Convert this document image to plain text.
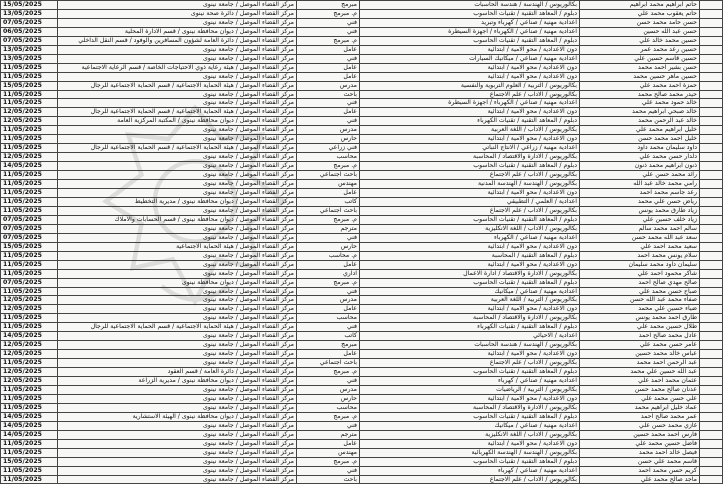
	حاتم ابراهيم محمد ابراهيم	بكالوريوس / الهندسة / هندسة الحاسبات	مبرمج	مركز القضاء الموصل / جامعة نينوى	15/05/2025
	حاتم يعقوب محمد علي	دبلوم / المعاهد التقنية / تقنيات الحاسوب	م. مبرمج	مركز القضاء الموصل / دائرة صحة نينوى	13/05/2025
	حسن حامد محمد حسن	اعدادية مهنية / صناعي / كهرباء وتبريد	فني	مركز القضاء الموصل / جامعة نينوى	07/05/2025
	حسن عبد الله حسين	اعدادية مهنية / صناعي / الكهرباء / اجهزة السيطرة	فني	مركز القضاء الموصل / ديوان محافظة نينوى / قسم الادارة المحلية	06/05/2025
	حسين محمد خالد علي	دبلوم / المعاهد التقنية / تقنيات الحاسوب	م. مبرمج	مركز القضاء الموصل / دائرة العامة لشؤون المسافرين والوفود / قسم النقل الداخلي	07/05/2025
	حسين رعد محمد عمر	دون الاعدادية / محو الامية / ابتدائية	عامل	مركز القضاء الموصل / جامعة نينوى	13/05/2025
	حسين قاسم حسين علي	اعدادية مهنية / صناعي / ميكانيك السيارات	فني	مركز القضاء الموصل / جامعة نينوى	13/05/2025
	حسن بشير احمد محمد	دون الاعدادية / محو الامية / ابتدائية	عامل	مركز القضاء الموصل / هيئة رعاية ذوي الاحتياجات الخاصة / قسم الرعاية الاجتماعية	11/05/2025
	حسين ماهر حسين محمد	دون الاعدادية / محو الامية / ابتدائية	عامل	مركز القضاء الموصل / جامعة نينوى	11/05/2025
	حمزة احمد محمد علي	بكالوريوس / التربية / العلوم التربوية والنفسية	مدرس	مركز القضاء الموصل / هيئة الحماية الاجتماعية / قسم الحماية الاجتماعية للرجال	15/05/2025
	حيدر محمد صالح محمد	بكالوريوس / الاداب / علم الاجتماع	باحث	مركز القضاء الموصل / جامعة نينوى	11/05/2025
	خالد حمود محمد علي	اعدادية مهنية / صناعي / الكهرباء / اجهزة السيطرة	فني	مركز القضاء الموصل / جامعة نينوى	11/05/2025
	خالد صبحي ابراهيم محمد	دون الاعدادية / محو الامية / ابتدائية	عامل	مركز القضاء الموصل / هيئة الحماية الاجتماعية / قسم الحماية الاجتماعية للرجال	12/05/2025
	خالد عبد الرحمن محمد	دبلوم / المعاهد التقنية / تقنيات الكهرباء	فني	مركز القضاء الموصل / ديوان محافظة نينوى / المكتبة المركزية العامة	12/05/2025
	خليل ابراهيم محمد علي	بكالوريوس / الاداب / اللغة العربية	مدرس	مركز القضاء الموصل / جامعة نينوى	11/05/2025
	خليل احمد محمد حسن	دون الاعدادية / محو الامية / ابتدائية	حارس	مركز القضاء الموصل / جامعة نينوى	11/05/2025
	داود سليمان محمد داود	اعدادية مهنية / زراعي / الانتاج النباتي	فني زراعي	مركز القضاء الموصل / هيئة الحماية الاجتماعية / قسم الحماية الاجتماعية للرجال	11/05/2025
	دلدار حسن محمد علي	بكالوريوس / الادارة والاقتصاد / المحاسبة	محاسب	مركز القضاء الموصل / جامعة نينوى	12/05/2025
	ذنون ابراهيم محمد ذنون	دبلوم / المعاهد التقنية / تقنيات الحاسوب	م. مبرمج	مركز القضاء الموصل / جامعة نينوى	14/05/2025
	رائد محمد حسن علي	بكالوريوس / الاداب / علم الاجتماع	باحث اجتماعي	مركز القضاء الموصل / جامعة نينوى	11/05/2025
	رامي محمد خالد عبد الله	بكالوريوس / الهندسة / الهندسة المدنية	مهندس	مركز القضاء الموصل / جامعة نينوى	11/05/2025
	رعد جاسم محمد احمد	دون الاعدادية / محو الامية / ابتدائية	عامل	مركز القضاء الموصل / جامعة نينوى	11/05/2025
	رياض حسن علي محمد	اعدادية / العلمي / التطبيقي	كاتب	مركز القضاء الموصل / ديوان محافظة نينوى / مديرية التخطيط	11/05/2025
	زياد طارق محمد يونس	بكالوريوس / الاداب / علم الاجتماع	باحث اجتماعي	مركز القضاء الموصل / جامعة نينوى	11/05/2025
	زياد خلف حسين علي	دبلوم / المعاهد التقنية / تقنيات الحاسوب	م. مبرمج	مركز القضاء الموصل / ديوان محافظة نينوى / قسم الحسابات والاملاك	07/05/2025
	سالم احمد محمد سالم	بكالوريوس / الاداب / اللغة الانكليزية	مترجم	مركز القضاء الموصل / جامعة نينوى	07/05/2025
	سعد عبد الله محمد حسن	اعدادية مهنية / صناعي / الكهرباء	فني	مركز القضاء الموصل / جامعة نينوى	07/05/2025
	سعيد محمد احمد علي	دون الاعدادية / محو الامية / ابتدائية	حارس	مركز القضاء الموصل / هيئة الحماية الاجتماعية	15/05/2025
	سلام يونس محمد احمد	دبلوم / المعاهد التقنية / المحاسبة	م. محاسب	مركز القضاء الموصل / جامعة نينوى	11/05/2025
	سليمان داود محمد سليمان	دون الاعدادية / محو الامية / ابتدائية	عامل	مركز القضاء الموصل / جامعة نينوى	11/05/2025
	شاكر محمود احمد علي	بكالوريوس / الادارة والاقتصاد / ادارة الاعمال	اداري	مركز القضاء الموصل / جامعة نينوى	11/05/2025
	صالح مهدي صالح احمد	دبلوم / المعاهد التقنية / تقنيات الحاسوب	م. مبرمج	مركز القضاء الموصل / ديوان محافظة نينوى	07/05/2025
	صباح حسن محمد علي	اعدادية مهنية / صناعي / ميكانيك	فني	مركز القضاء الموصل / جامعة نينوى	11/05/2025
	صفاء محمد عبد الله حسن	بكالوريوس / التربية / اللغة العربية	مدرس	مركز القضاء الموصل / جامعة نينوى	12/05/2025
	ضياء حسين علي محمد	دون الاعدادية / محو الامية / ابتدائية	عامل	مركز القضاء الموصل / جامعة نينوى	12/05/2025
	طارق احمد محمد يونس	بكالوريوس / الادارة والاقتصاد / المحاسبة	محاسب	مركز القضاء الموصل / جامعة نينوى	11/05/2025
	طلال حسين محمد علي	دبلوم / المعاهد التقنية / تقنيات الكهرباء	فني	مركز القضاء الموصل / هيئة الحماية الاجتماعية / قسم الحماية الاجتماعية للرجال	11/05/2025
	عادل محمد صالح احمد	اعدادية / الاحيائي	كاتب	مركز القضاء الموصل / جامعة نينوى	14/05/2025
	عامر حسن محمد علي	بكالوريوس / الهندسة / هندسة الحاسبات	مبرمج	مركز القضاء الموصل / جامعة نينوى	12/05/2025
	عباس خالد محمد حسين	دون الاعدادية / محو الامية / ابتدائية	عامل	مركز القضاء الموصل / جامعة نينوى	12/05/2025
	عبد الرحمن احمد محمد	بكالوريوس / الاداب / علم الاجتماع	باحث اجتماعي	مركز القضاء الموصل / جامعة نينوى	11/05/2025
	عبد الله حسين علي محمد	دبلوم / المعاهد التقنية / تقنيات الحاسوب	م. مبرمج	مركز القضاء الموصل / دائرة العامة / قسم العقود	12/05/2025
	عثمان محمد احمد علي	اعدادية مهنية / صناعي / كهرباء	فني	مركز القضاء الموصل / ديوان محافظة نينوى / مديرية الزراعة	12/05/2025
	عدنان صالح محمد حسن	بكالوريوس / التربية / الرياضيات	مدرس	مركز القضاء الموصل / جامعة نينوى	11/05/2025
	علي حسن محمد علي	دون الاعدادية / محو الامية / ابتدائية	حارس	مركز القضاء الموصل / جامعة نينوى	11/05/2025
	عماد خليل ابراهيم محمد	بكالوريوس / الادارة والاقتصاد / المحاسبة	محاسب	مركز القضاء الموصل / جامعة نينوى	11/05/2025
	عمر محمد صالح احمد	دبلوم / المعاهد التقنية / تقنيات الحاسوب	م. مبرمج	مركز القضاء الموصل / ديوان محافظة نينوى / الهيئة الاستشارية	14/05/2025
	غازي محمد حسن علي	اعدادية مهنية / صناعي / ميكانيك	فني	مركز القضاء الموصل / جامعة نينوى	14/05/2025
	فارس احمد محمد حسين	بكالوريوس / الاداب / اللغة الانكليزية	مترجم	مركز القضاء الموصل / جامعة نينوى	14/05/2025
	فاضل حسين محمد علي	دون الاعدادية / محو الامية / ابتدائية	عامل	مركز القضاء الموصل / جامعة نينوى	11/05/2025
	فيصل خالد احمد محمد	بكالوريوس / الهندسة / الهندسة الكهربائية	مهندس	مركز القضاء الموصل / جامعة نينوى	11/05/2025
	قاسم محمد علي حسن	دبلوم / المعاهد التقنية / تقنيات الحاسوب	م. مبرمج	مركز القضاء الموصل / جامعة نينوى	15/05/2025
	كريم حسن محمد احمد	اعدادية مهنية / صناعي / كهرباء	فني	مركز القضاء الموصل / جامعة نينوى	11/05/2025
	ماجد صالح محمد علي	بكالوريوس / الاداب / علم الاجتماع	باحث	مركز القضاء الموصل / جامعة نينوى	11/05/2025
